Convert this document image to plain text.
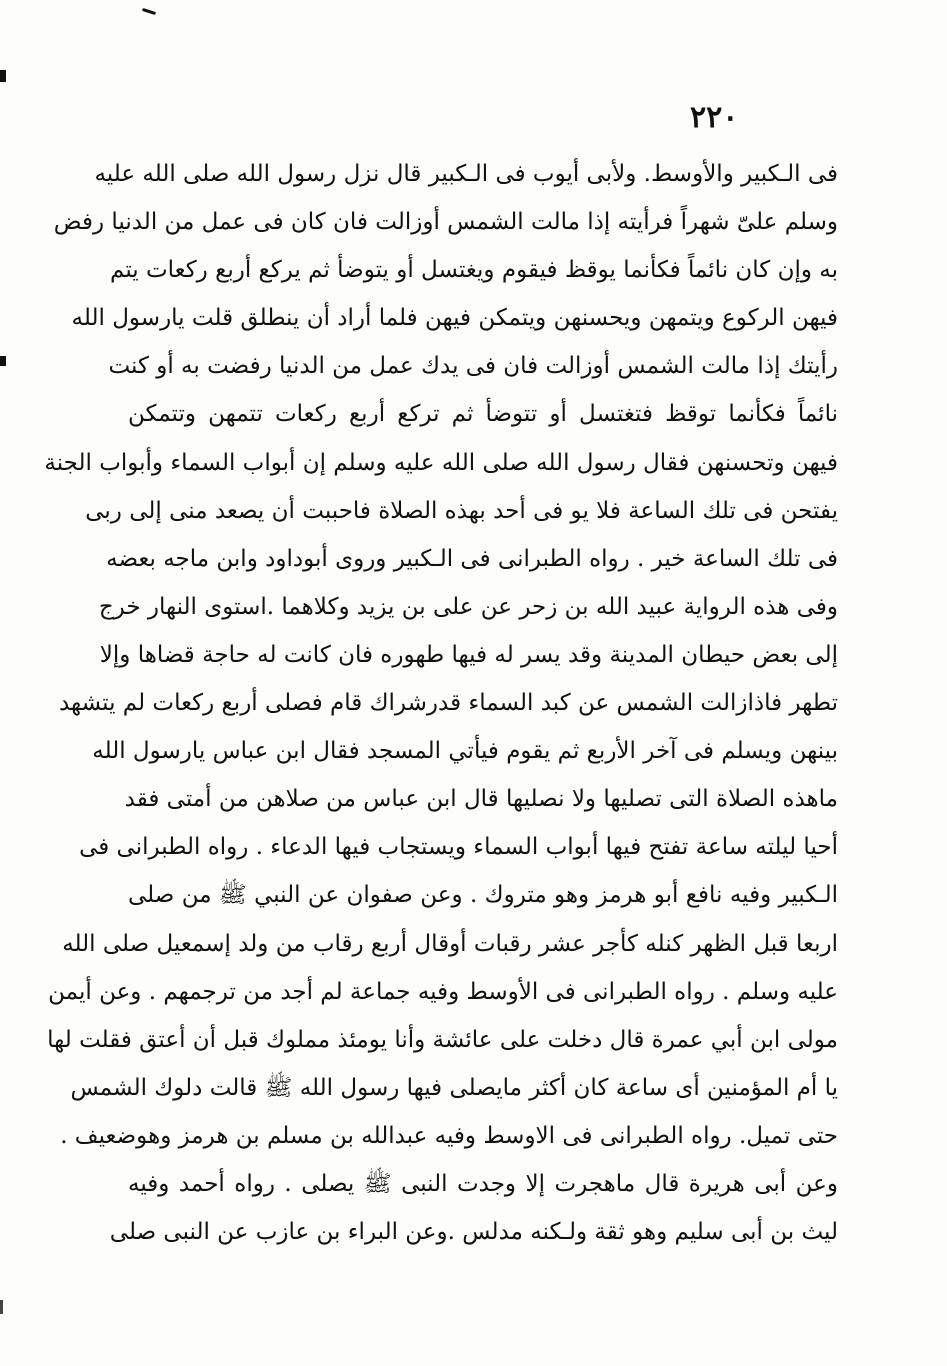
٢٢٠
فى الـكبير والأوسط. ولأبى أيوب فى الـكبير قال نزل رسول الله صلى الله عليه
وسلم علىّ شهراً فرأيته إذا مالت الشمس أوزالت فان كان فى عمل من الدنيا رفض
به وإن كان نائماً فكأنما يوقظ فيقوم ويغتسل أو يتوضأ ثم يركع أربع ركعات يتم
فيهن الركوع ويتمهن ويحسنهن ويتمكن فيهن فلما أراد أن ينطلق قلت يارسول الله
رأيتك إذا مالت الشمس أوزالت فان فى يدك عمل من الدنيا رفضت به أو كنت
نائماً فكأنما توقظ فتغتسل أو تتوضأ ثم تركع أربع ركعات تتمهن وتتمكن
فيهن وتحسنهن فقال رسول الله صلى الله عليه وسلم إن أبواب السماء وأبواب الجنة
يفتحن فى تلك الساعة فلا يو فى أحد بهذه الصلاة فاحببت أن يصعد منى إلى ربى
فى تلك الساعة خير . رواه الطبرانى فى الـكبير وروى أبوداود وابن ماجه بعضه
وفى هذه الرواية عبيد الله بن زحر عن على بن يزيد وكلاهما .استوى النهار خرج
إلى بعض حيطان المدينة وقد يسر له فيها طهوره فان كانت له حاجة قضاها وإلا
تطهر فاذازالت الشمس عن كبد السماء قدرشراك قام فصلى أربع ركعات لم يتشهد
بينهن ويسلم فى آخر الأربع ثم يقوم فيأتي المسجد فقال ابن عباس يارسول الله
ماهذه الصلاة التى تصليها ولا نصليها قال ابن عباس من صلاهن من أمتى فقد
أحيا ليلته ساعة تفتح فيها أبواب السماء ويستجاب فيها الدعاء . رواه الطبرانى فى
الـكبير وفيه نافع أبو هرمز وهو متروك . وعن صفوان عن النبي ﷺ من صلى
اربعا قبل الظهر كنله كأجر عشر رقبات أوقال أربع رقاب من ولد إسمعيل صلى الله
عليه وسلم . رواه الطبرانى فى الأوسط وفيه جماعة لم أجد من ترجمهم . وعن أيمن
مولى ابن أبي عمرة قال دخلت على عائشة وأنا يومئذ مملوك قبل أن أعتق فقلت لها
يا أم المؤمنين أى ساعة كان أكثر مايصلى فيها رسول الله ﷺ قالت دلوك الشمس
حتى تميل. رواه الطبرانى فى الاوسط وفيه عبدالله بن مسلم بن هرمز وهوضعيف .
وعن أبى هريرة قال ماهجرت إلا وجدت النبى ﷺ يصلى . رواه أحمد وفيه
ليث بن أبى سليم وهو ثقة ولـكنه مدلس .وعن البراء بن عازب عن النبى صلى
